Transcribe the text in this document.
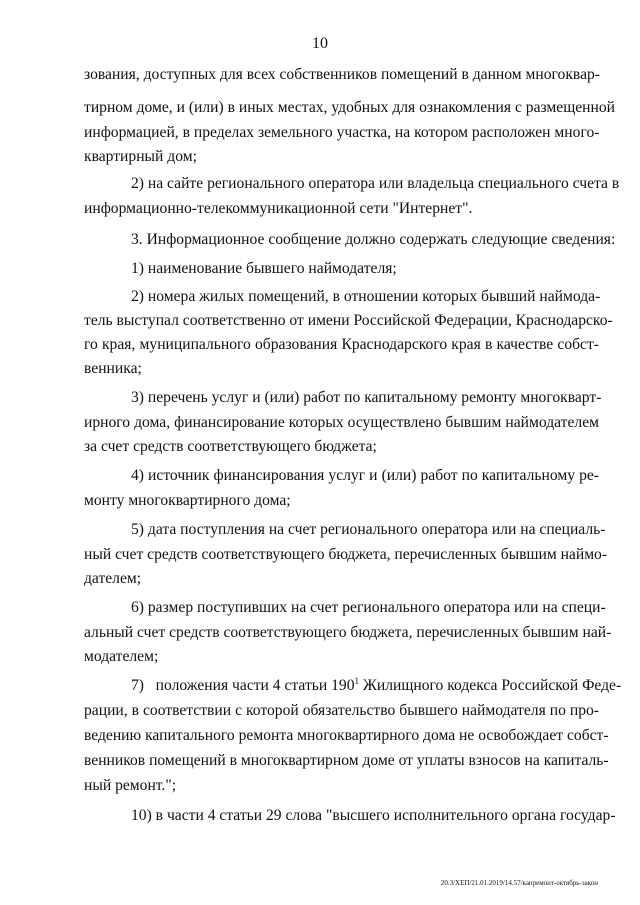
10

зования, доступных для всех собственников помещений в данном многоквар-

тирном доме, и (или) в иных местах, удобных для ознакомления с размещенной

информацией, в пределах земельного участка, на котором расположен много-

квартирный дом;

2) на сайте регионального оператора или владельца специального счета в

информационно-телекоммуникационной сети "Интернет".

3. Информационное сообщение должно содержать следующие сведения:

1) наименование бывшего наймодателя;

2) номера жилых помещений, в отношении которых бывший наймода-

тель выступал соответственно от имени Российской Федерации, Краснодарско-

го края, муниципального образования Краснодарского края в качестве собст-

венника;

3) перечень услуг и (или) работ по капитальному ремонту многокварт-

ирного дома, финансирование которых осуществлено бывшим наймодателем

за счет средств соответствующего бюджета;

4) источник финансирования услуг и (или) работ по капитальному ре-

монту многоквартирного дома;

5) дата поступления на счет регионального оператора или на специаль-

ный счет средств соответствующего бюджета, перечисленных бывшим наймо-

дателем;

6) размер поступивших на счет регионального оператора или на специ-

альный счет средств соответствующего бюджета, перечисленных бывшим най-

модателем;

7)   положения части 4 статьи $190^1$ Жилищного кодекса Российской Феде-

рации, в соответствии с которой обязательство бывшего наймодателя по про-

ведению капитального ремонта многоквартирного дома не освобождает собст-

венников помещений в многоквартирном доме от уплаты взносов на капиталь-

ный ремонт.";

10) в части 4 статьи 29 слова "высшего исполнительного органа государ-

20.3/ХЕП/21.01.2019/14.57/капремонт-октябрь-закон
